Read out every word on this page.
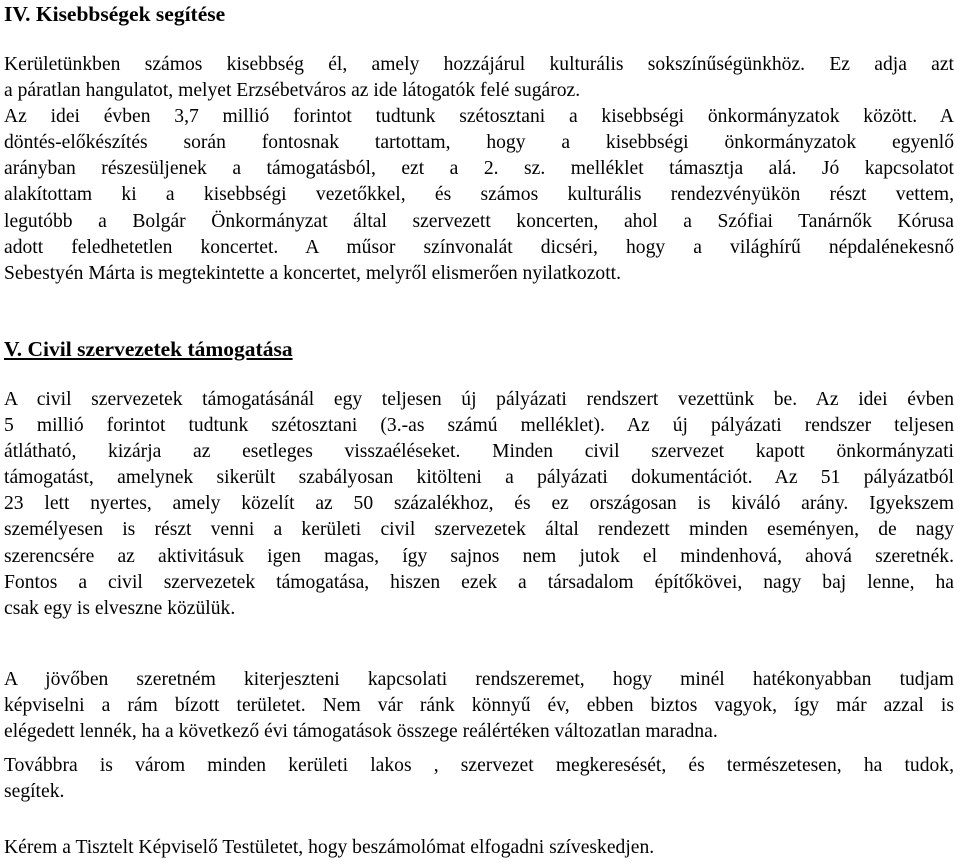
IV. Kisebbségek segítése
Kerületünkben számos kisebbség él, amely hozzájárul kulturális sokszínűségünkhöz. Ez adja azt
a páratlan hangulatot, melyet Erzsébetváros az ide látogatók felé sugároz.
Az idei évben 3,7 millió forintot tudtunk szétosztani a kisebbségi önkormányzatok között. A
döntés-előkészítés során fontosnak tartottam, hogy a kisebbségi önkormányzatok egyenlő
arányban részesüljenek a támogatásból, ezt a 2. sz. melléklet támasztja alá. Jó kapcsolatot
alakítottam ki a kisebbségi vezetőkkel, és számos kulturális rendezvényükön részt vettem,
legutóbb a Bolgár Önkormányzat által szervezett koncerten, ahol a Szófiai Tanárnők Kórusa
adott feledhetetlen koncertet. A műsor színvonalát dicséri, hogy a világhírű népdalénekesnő
Sebestyén Márta is megtekintette a koncertet, melyről elismerően nyilatkozott.
V. Civil szervezetek támogatása
A civil szervezetek támogatásánál egy teljesen új pályázati rendszert vezettünk be. Az idei évben
5 millió forintot tudtunk szétosztani (3.-as számú melléklet). Az új pályázati rendszer teljesen
átlátható, kizárja az esetleges visszaéléseket. Minden civil szervezet kapott önkormányzati
támogatást, amelynek sikerült szabályosan kitölteni a pályázati dokumentációt. Az 51 pályázatból
23 lett nyertes, amely közelít az 50 százalékhoz, és ez országosan is kiváló arány. Igyekszem
személyesen is részt venni a kerületi civil szervezetek által rendezett minden eseményen, de nagy
szerencsére az aktivitásuk igen magas, így sajnos nem jutok el mindenhová, ahová szeretnék.
Fontos a civil szervezetek támogatása, hiszen ezek a társadalom építőkövei, nagy baj lenne, ha
csak egy is elveszne közülük.
A jövőben szeretném kiterjeszteni kapcsolati rendszeremet, hogy minél hatékonyabban tudjam
képviselni a rám bízott területet. Nem vár ránk könnyű év, ebben biztos vagyok, így már azzal is
elégedett lennék, ha a következő évi támogatások összege reálértéken változatlan maradna.
Továbbra is várom minden kerületi lakos , szervezet megkeresését, és természetesen, ha tudok,
segítek.
Kérem a Tisztelt Képviselő Testületet, hogy beszámolómat elfogadni szíveskedjen.
